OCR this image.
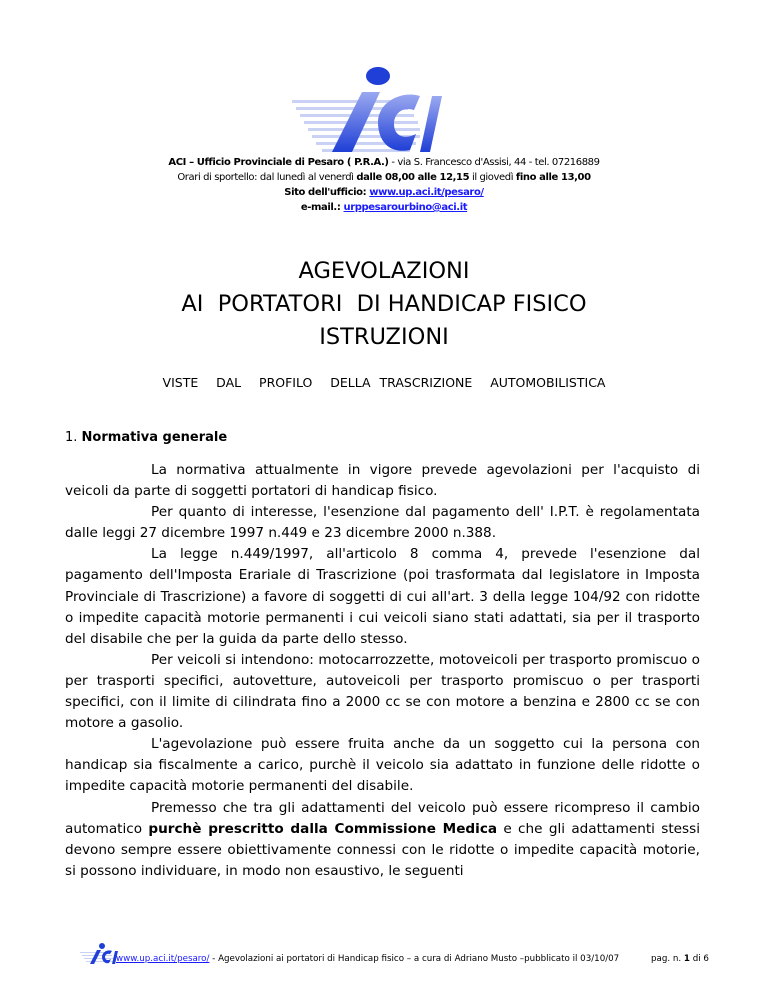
ACI – Ufficio Provinciale di Pesaro ( P.R.A.) - via S. Francesco d'Assisi, 44 - tel. 07216889
Orari di sportello: dal lunedì al venerdì dalle 08,00 alle 12,15 il giovedì fino alle 13,00
Sito dell'ufficio: www.up.aci.it/pesaro/
e-mail.: urppesarourbino@aci.it
AGEVOLAZIONI
AI  PORTATORI  DI HANDICAP FISICO
ISTRUZIONI
VISTE  DAL  PROFILO  DELLA TRASCRIZIONE  AUTOMOBILISTICA
1. Normativa generale

La normativa attualmente in vigore prevede agevolazioni per l'acquisto di veicoli da parte di soggetti portatori di handicap fisico.

Per quanto di interesse, l'esenzione dal pagamento dell' I.P.T. è regolamentata dalle leggi 27 dicembre 1997 n.449 e 23 dicembre 2000 n.388.

La legge n.449/1997, all'articolo 8 comma 4, prevede l'esenzione dal pagamento dell'Imposta Erariale di Trascrizione (poi trasformata dal legislatore in Imposta Provinciale di Trascrizione) a favore di soggetti di cui all'art. 3 della legge 104/92 con ridotte o impedite capacità motorie permanenti i cui veicoli siano stati adattati, sia per il trasporto del disabile che per la guida da parte dello stesso.

Per veicoli si intendono: motocarrozzette, motoveicoli per trasporto promiscuo o per trasporti specifici, autovetture, autoveicoli per trasporto promiscuo o per trasporti specifici, con il limite di cilindrata fino a 2000 cc se con motore a benzina e 2800 cc se con motore a gasolio.

L'agevolazione può essere fruita anche da un soggetto cui la persona con handicap sia fiscalmente a carico, purchè il veicolo sia adattato in funzione delle ridotte o impedite capacità motorie permanenti del disabile.

Premesso che tra gli adattamenti del veicolo può essere ricompreso il cambio automatico purchè prescritto dalla Commissione Medica e che gli adattamenti stessi devono sempre essere obiettivamente connessi con le ridotte o impedite capacità motorie, si possono individuare, in modo non esaustivo, le seguenti

www.up.aci.it/pesaro/ - Agevolazioni ai portatori di Handicap fisico – a cura di Adriano Musto –pubblicato il 03/10/07	pag. n. 1 di 6
